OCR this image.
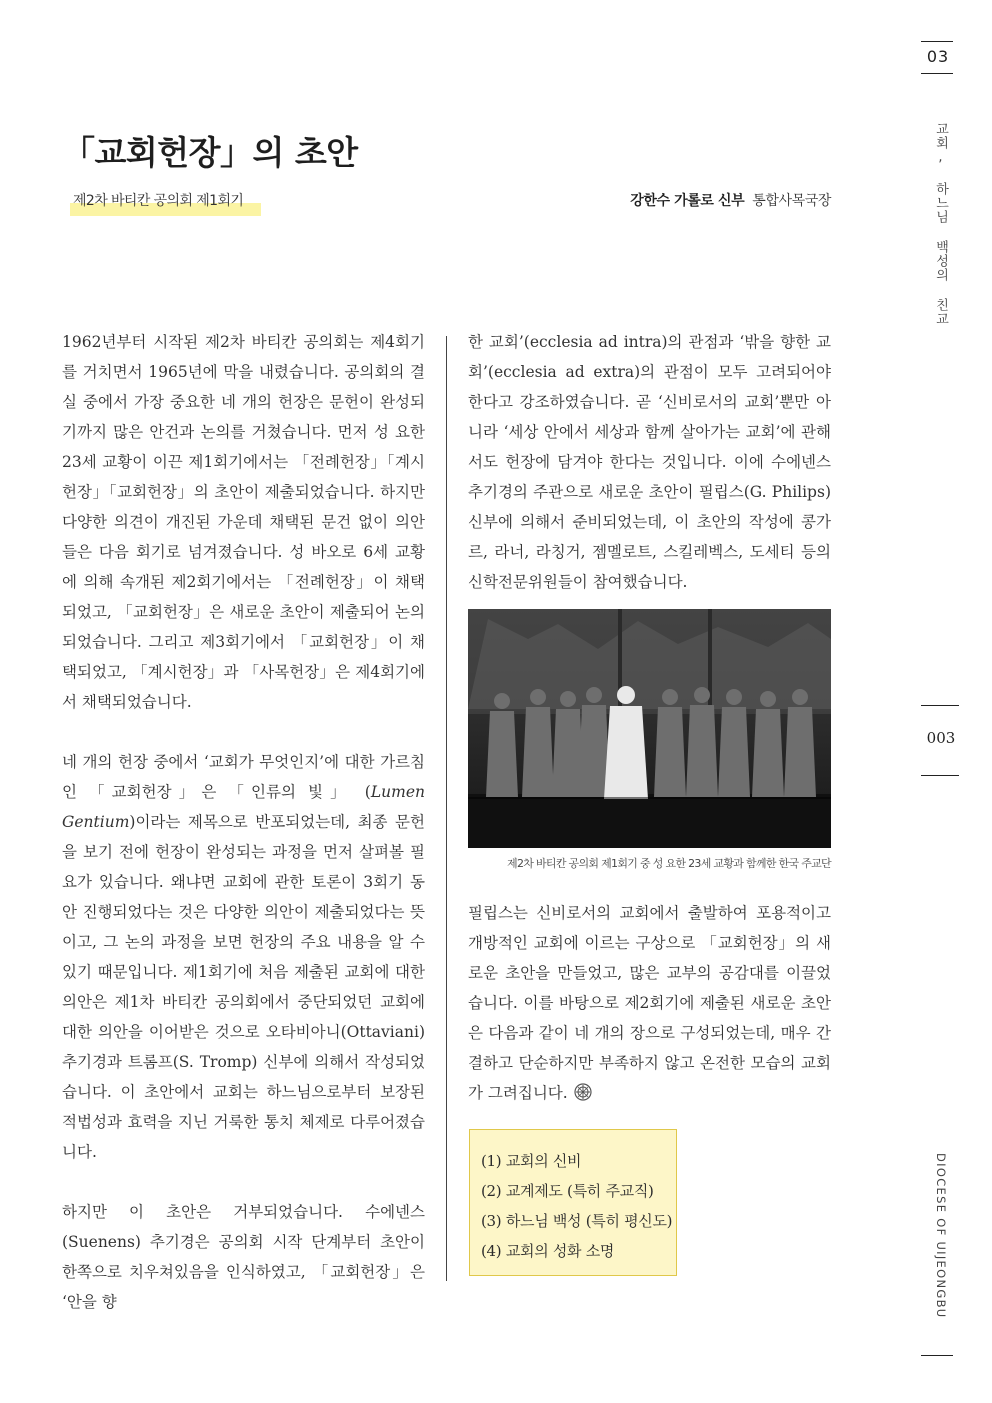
03
교회, 하느님 백성의 친교
003
DIOCESE OF UIJEONGBU
「교회헌장」의 초안
제2차 바티칸 공의회 제1회기	강한수 가롤로 신부 통합사목국장

1962년부터 시작된 제2차 바티칸 공의회는 제4회기를 거치면서 1965년에 막을 내렸습니다. 공의회의 결실 중에서 가장 중요한 네 개의 헌장은 문헌이 완성되기까지 많은 안건과 논의를 거쳤습니다. 먼저 성 요한 23세 교황이 이끈 제1회기에서는 「전례헌장」「계시헌장」「교회헌장」의 초안이 제출되었습니다. 하지만 다양한 의견이 개진된 가운데 채택된 문건 없이 의안들은 다음 회기로 넘겨졌습니다. 성 바오로 6세 교황에 의해 속개된 제2회기에서는 「전례헌장」이 채택되었고, 「교회헌장」은 새로운 초안이 제출되어 논의되었습니다. 그리고 제3회기에서 「교회헌장」이 채택되었고, 「계시헌장」과 「사목헌장」은 제4회기에서 채택되었습니다.

네 개의 헌장 중에서 ‘교회가 무엇인지’에 대한 가르침인 「교회헌장」은 「인류의 빛」 (Lumen Gentium)이라는 제목으로 반포되었는데, 최종 문헌을 보기 전에 헌장이 완성되는 과정을 먼저 살펴볼 필요가 있습니다. 왜냐면 교회에 관한 토론이 3회기 동안 진행되었다는 것은 다양한 의안이 제출되었다는 뜻이고, 그 논의 과정을 보면 헌장의 주요 내용을 알 수 있기 때문입니다. 제1회기에 처음 제출된 교회에 대한 의안은 제1차 바티칸 공의회에서 중단되었던 교회에 대한 의안을 이어받은 것으로 오타비아니(Ottaviani) 추기경과 트롬프(S. Tromp) 신부에 의해서 작성되었습니다. 이 초안에서 교회는 하느님으로부터 보장된 적법성과 효력을 지닌 거룩한 통치 체제로 다루어졌습니다.

하지만 이 초안은 거부되었습니다. 수에넨스(Suenens) 추기경은 공의회 시작 단계부터 초안이 한쪽으로 치우쳐있음을 인식하였고, 「교회헌장」은 ‘안을 향

한 교회’(ecclesia ad intra)의 관점과 ‘밖을 향한 교회’(ecclesia ad extra)의 관점이 모두 고려되어야 한다고 강조하였습니다. 곧 ‘신비로서의 교회’뿐만 아니라 ‘세상 안에서 세상과 함께 살아가는 교회’에 관해서도 헌장에 담겨야 한다는 것입니다. 이에 수에넨스 추기경의 주관으로 새로운 초안이 필립스(G. Philips) 신부에 의해서 준비되었는데, 이 초안의 작성에 콩가르, 라너, 라칭거, 젬멜로트, 스킬레벡스, 도세티 등의 신학전문위원들이 참여했습니다.

제2차 바티칸 공의회 제1회기 중 성 요한 23세 교황과 함께한 한국 주교단

필립스는 신비로서의 교회에서 출발하여 포용적이고 개방적인 교회에 이르는 구상으로 「교회헌장」의 새로운 초안을 만들었고, 많은 교부의 공감대를 이끌었습니다. 이를 바탕으로 제2회기에 제출된 새로운 초안은 다음과 같이 네 개의 장으로 구성되었는데, 매우 간결하고 단순하지만 부족하지 않고 온전한 모습의 교회가 그려집니다.

(1) 교회의 신비
(2) 교계제도 (특히 주교직)
(3) 하느님 백성 (특히 평신도)
(4) 교회의 성화 소명
